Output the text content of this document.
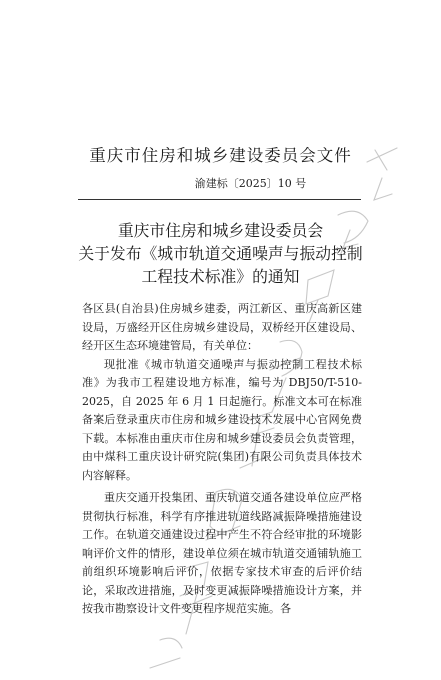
重庆市住房和城乡建设委员会文件
渝建标〔2025〕10 号
重庆市住房和城乡建设委员会
关于发布《城市轨道交通噪声与振动控制
工程技术标准》的通知

各区县(自治县)住房城乡建委，两江新区、重庆高新区建设局，万盛经开区住房城乡建设局，双桥经开区建设局、经开区生态环境建管局，有关单位：

现批准《城市轨道交通噪声与振动控制工程技术标准》为我市工程建设地方标准，编号为 DBJ50/T-510-2025，自 2025 年 6 月 1 日起施行。标准文本可在标准备案后登录重庆市住房和城乡建设技术发展中心官网免费下载。本标准由重庆市住房和城乡建设委员会负责管理，由中煤科工重庆设计研究院(集团)有限公司负责具体技术内容解释。

重庆交通开投集团、重庆轨道交通各建设单位应严格贯彻执行标准，科学有序推进轨道线路减振降噪措施建设工作。在轨道交通建设过程中产生不符合经审批的环境影响评价文件的情形，建设单位须在城市轨道交通铺轨施工前组织环境影响后评价，依据专家技术审查的后评价结论，采取改进措施，及时变更减振降噪措施设计方案，并按我市勘察设计文件变更程序规范实施。各
